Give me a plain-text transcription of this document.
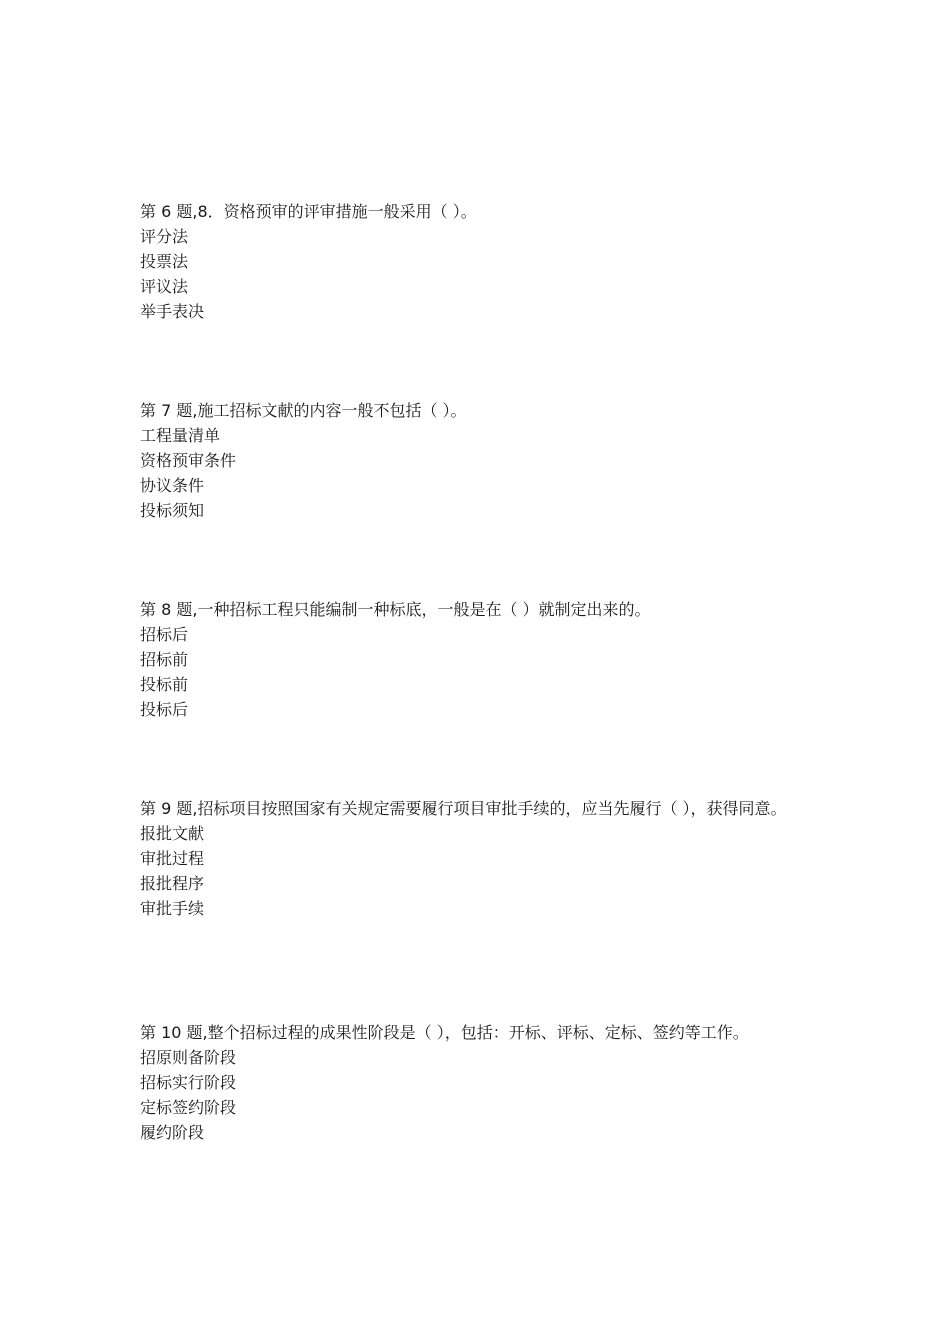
第 6 题,8．资格预审的评审措施一般采用（ ）。

评分法
投票法
评议法
举手表决

第 7 题,施工招标文献的内容一般不包括（ ）。

工程量清单
资格预审条件
协议条件
投标须知

第 8 题,一种招标工程只能编制一种标底，一般是在（ ）就制定出来的。

招标后
招标前
投标前
投标后

第 9 题,招标项目按照国家有关规定需要履行项目审批手续的，应当先履行（ ），获得同意。

报批文献
审批过程
报批程序
审批手续

第 10 题,整个招标过程的成果性阶段是（ ），包括：开标、评标、定标、签约等工作。

招原则备阶段
招标实行阶段
定标签约阶段
履约阶段
